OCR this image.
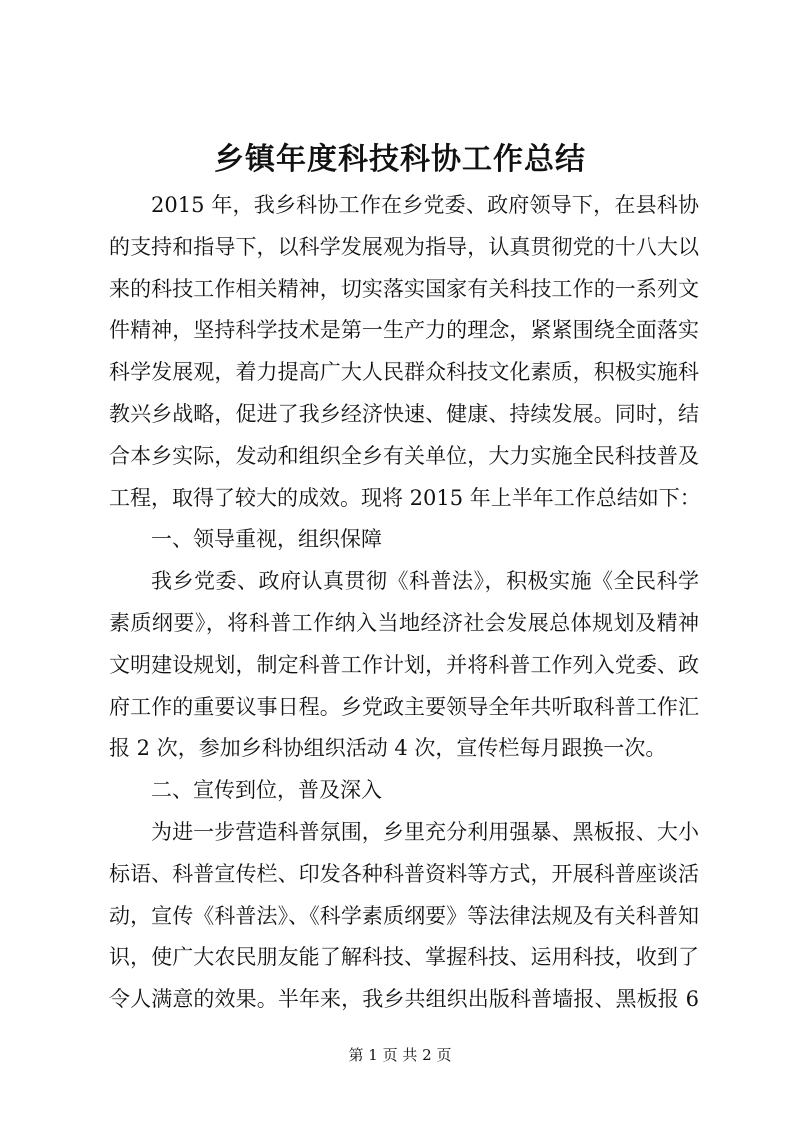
乡镇年度科技科协工作总结
2015 年，我乡科协工作在乡党委、政府领导下，在县科协
的支持和指导下，以科学发展观为指导，认真贯彻党的十八大以
来的科技工作相关精神，切实落实国家有关科技工作的一系列文
件精神，坚持科学技术是第一生产力的理念，紧紧围绕全面落实
科学发展观，着力提高广大人民群众科技文化素质，积极实施科
教兴乡战略，促进了我乡经济快速、健康、持续发展。同时，结
合本乡实际，发动和组织全乡有关单位，大力实施全民科技普及
工程，取得了较大的成效。现将 2015 年上半年工作总结如下：
一、领导重视，组织保障
我乡党委、政府认真贯彻《科普法》，积极实施《全民科学
素质纲要》，将科普工作纳入当地经济社会发展总体规划及精神
文明建设规划，制定科普工作计划，并将科普工作列入党委、政
府工作的重要议事日程。乡党政主要领导全年共听取科普工作汇
报 2 次，参加乡科协组织活动 4 次，宣传栏每月跟换一次。
二、宣传到位，普及深入
为进一步营造科普氛围，乡里充分利用强暴、黑板报、大小
标语、科普宣传栏、印发各种科普资料等方式，开展科普座谈活
动，宣传《科普法》、《科学素质纲要》等法律法规及有关科普知
识，使广大农民朋友能了解科技、掌握科技、运用科技，收到了
令人满意的效果。半年来，我乡共组织出版科普墙报、黑板报 6
第 1 页 共 2 页
